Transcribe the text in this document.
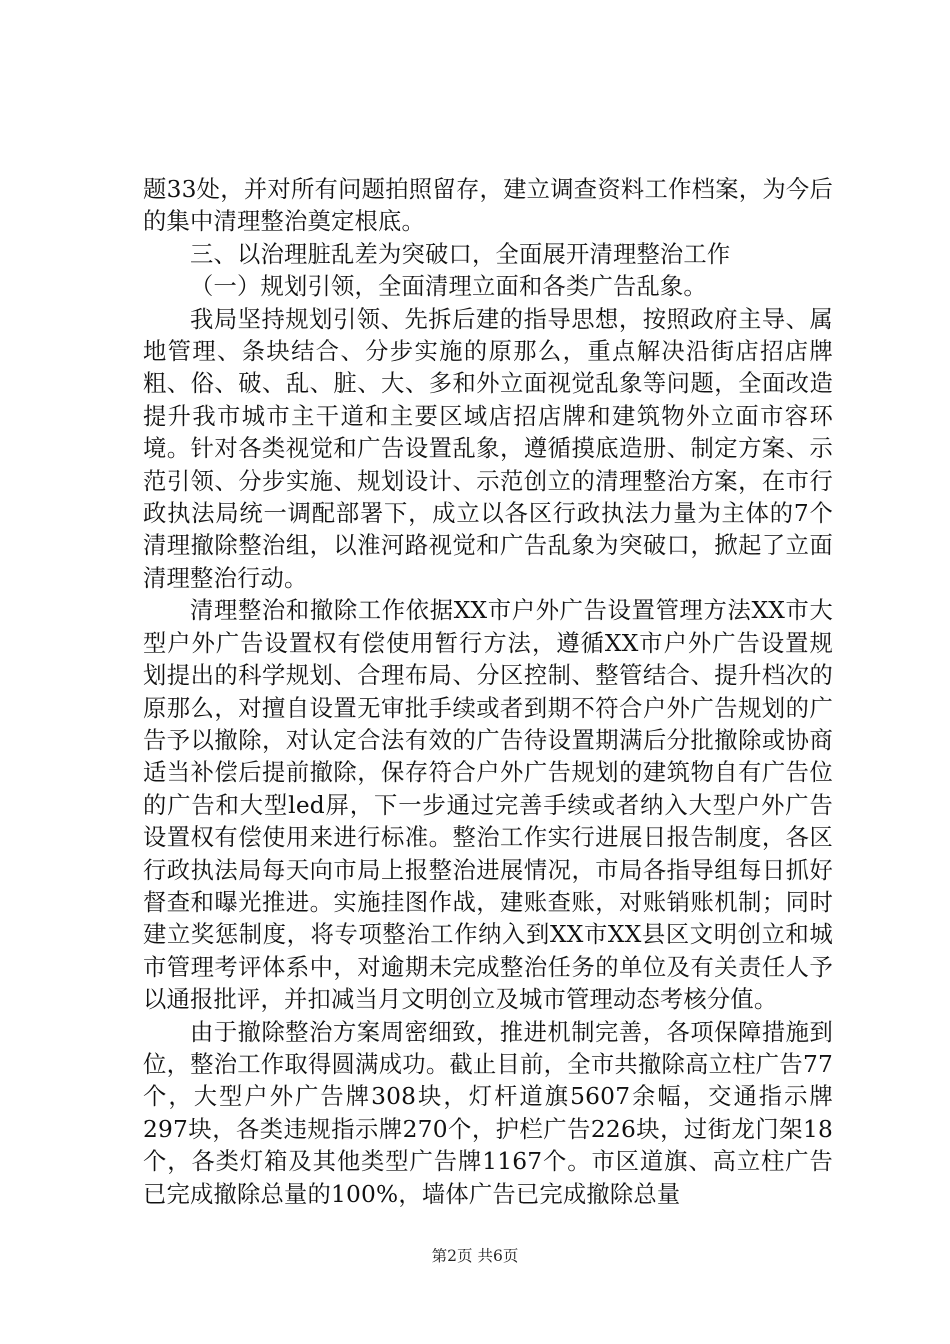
题33处，并对所有问题拍照留存，建立调查资料工作档案，为今后的集中清理整治奠定根底。

三、以治理脏乱差为突破口，全面展开清理整治工作

（一）规划引领，全面清理立面和各类广告乱象。

我局坚持规划引领、先拆后建的指导思想，按照政府主导、属地管理、条块结合、分步实施的原那么，重点解决沿街店招店牌粗、俗、破、乱、脏、大、多和外立面视觉乱象等问题，全面改造提升我市城市主干道和主要区域店招店牌和建筑物外立面市容环境。针对各类视觉和广告设置乱象，遵循摸底造册、制定方案、示范引领、分步实施、规划设计、示范创立的清理整治方案，在市行政执法局统一调配部署下，成立以各区行政执法力量为主体的7个清理撤除整治组，以淮河路视觉和广告乱象为突破口，掀起了立面清理整治行动。

清理整治和撤除工作依据XX市户外广告设置管理方法XX市大型户外广告设置权有偿使用暂行方法，遵循XX市户外广告设置规划提出的科学规划、合理布局、分区控制、整管结合、提升档次的原那么，对擅自设置无审批手续或者到期不符合户外广告规划的广告予以撤除，对认定合法有效的广告待设置期满后分批撤除或协商适当补偿后提前撤除，保存符合户外广告规划的建筑物自有广告位的广告和大型led屏，下一步通过完善手续或者纳入大型户外广告设置权有偿使用来进行标准。整治工作实行进展日报告制度，各区行政执法局每天向市局上报整治进展情况，市局各指导组每日抓好督查和曝光推进。实施挂图作战，建账查账，对账销账机制；同时建立奖惩制度，将专项整治工作纳入到XX市XX县区文明创立和城市管理考评体系中，对逾期未完成整治任务的单位及有关责任人予以通报批评，并扣减当月文明创立及城市管理动态考核分值。

由于撤除整治方案周密细致，推进机制完善，各项保障措施到位，整治工作取得圆满成功。截止目前，全市共撤除高立柱广告77个，大型户外广告牌308块，灯杆道旗5607余幅，交通指示牌297块，各类违规指示牌270个，护栏广告226块，过街龙门架18个，各类灯箱及其他类型广告牌1167个。市区道旗、高立柱广告已完成撤除总量的100%，墙体广告已完成撤除总量

第2页 共6页
